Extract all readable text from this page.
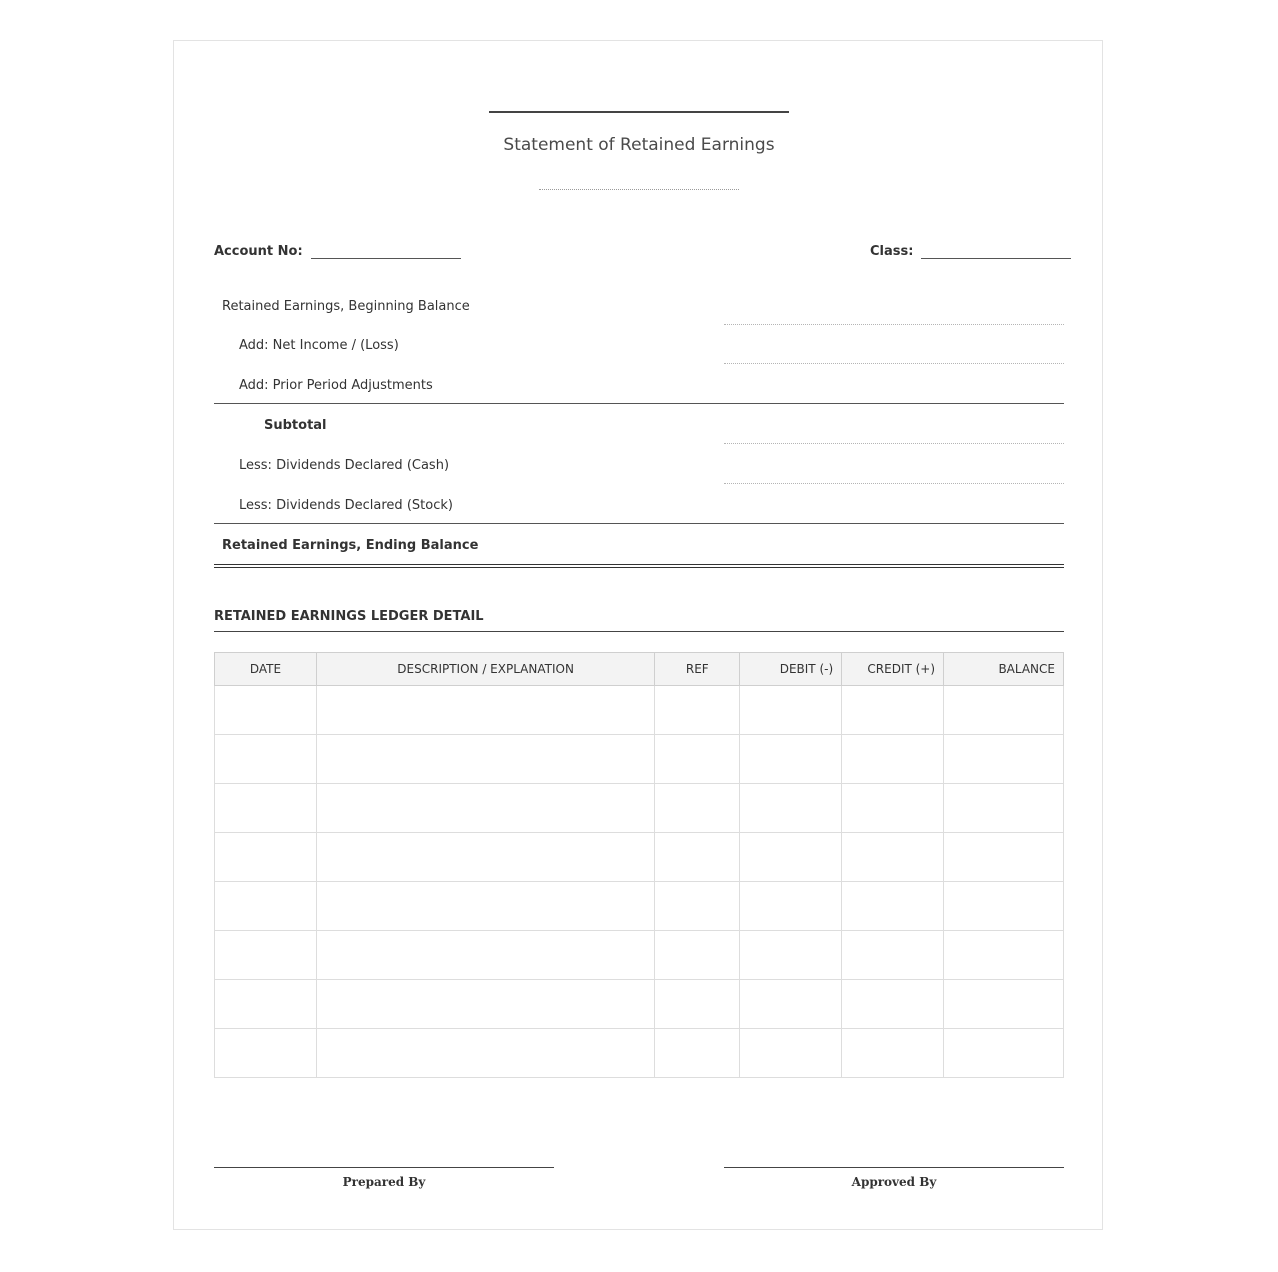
Statement of Retained Earnings
Account No:	Class:
Retained Earnings, Beginning Balance
Add: Net Income / (Loss)
Add: Prior Period Adjustments
Subtotal
Less: Dividends Declared (Cash)
Less: Dividends Declared (Stock)
Retained Earnings, Ending Balance
RETAINED EARNINGS LEDGER DETAIL
DATE	DESCRIPTION / EXPLANATION	REF	DEBIT (-)	CREDIT (+)	BALANCE

Prepared By	Approved By
